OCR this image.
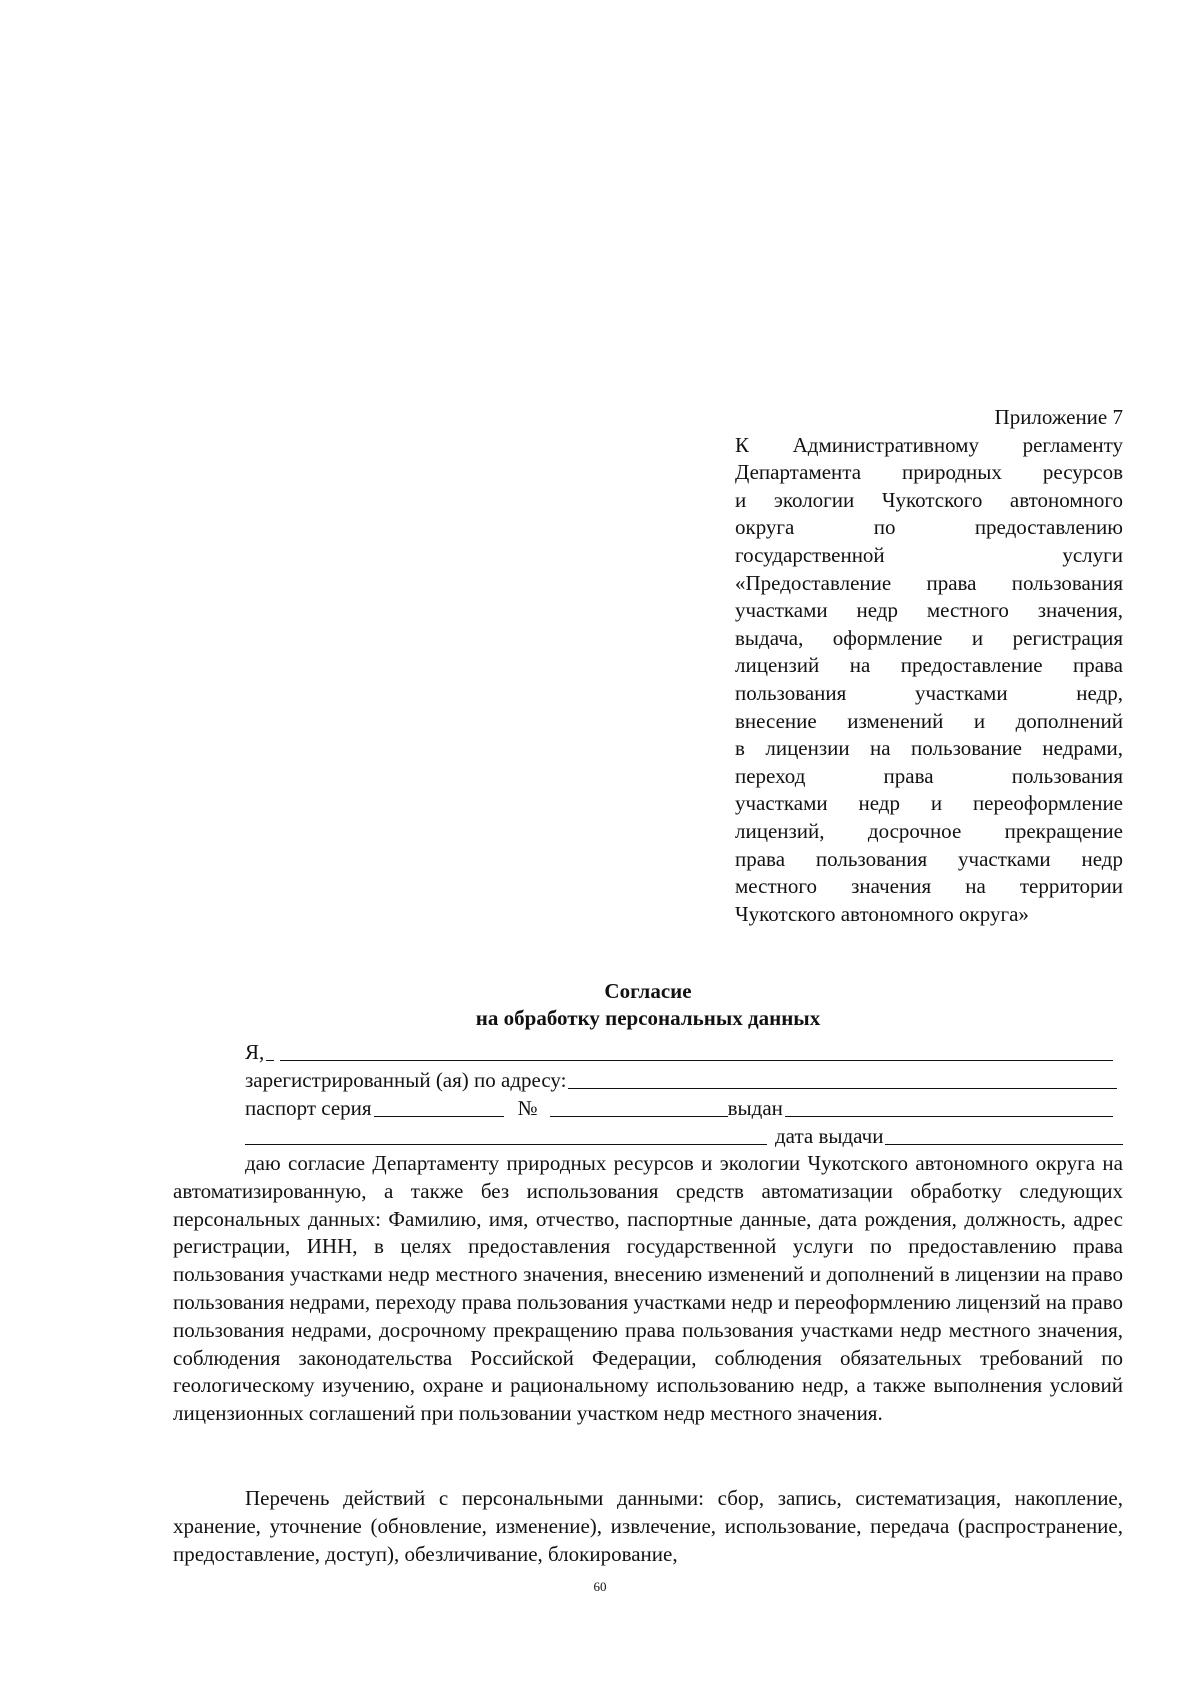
Приложение 7
К Административному регламенту
Департамента природных ресурсов
и экологии Чукотского автономного
округа по предоставлению
государственной услуги
«Предоставление права пользования
участками недр местного значения,
выдача, оформление и регистрация
лицензий на предоставление права
пользования участками недр,
внесение изменений и дополнений
в лицензии на пользование недрами,
переход права пользования
участками недр и переоформление
лицензий, досрочное прекращение
права пользования участками недр
местного значения на территории
Чукотского автономного округа»
Согласие
на обработку персональных данных
Я,
зарегистрированный (ая) по адресу:
паспорт серия	№	выдан
дата выдачи

даю согласие Департаменту природных ресурсов и экологии Чукотского автономного округа на автоматизированную, а также без использования средств автоматизации обработку следующих персональных данных: Фамилию, имя, отчество, паспортные данные, дата рождения, должность, адрес регистрации, ИНН, в целях предоставления государственной услуги по предоставлению права пользования участками недр местного значения, внесению изменений и дополнений в лицензии на право пользования недрами, переходу права пользования участками недр и переоформлению лицензий на право пользования недрами, досрочному прекращению права пользования участками недр местного значения, соблюдения законодательства Российской Федерации, соблюдения обязательных требований по геологическому изучению, охране и рациональному использованию недр, а также выполнения условий лицензионных соглашений при пользовании участком недр местного значения.

Перечень действий с персональными данными: сбор, запись, систематизация, накопление, хранение, уточнение (обновление, изменение), извлечение, использование, передача (распространение, предоставление, доступ), обезличивание, блокирование,

60
